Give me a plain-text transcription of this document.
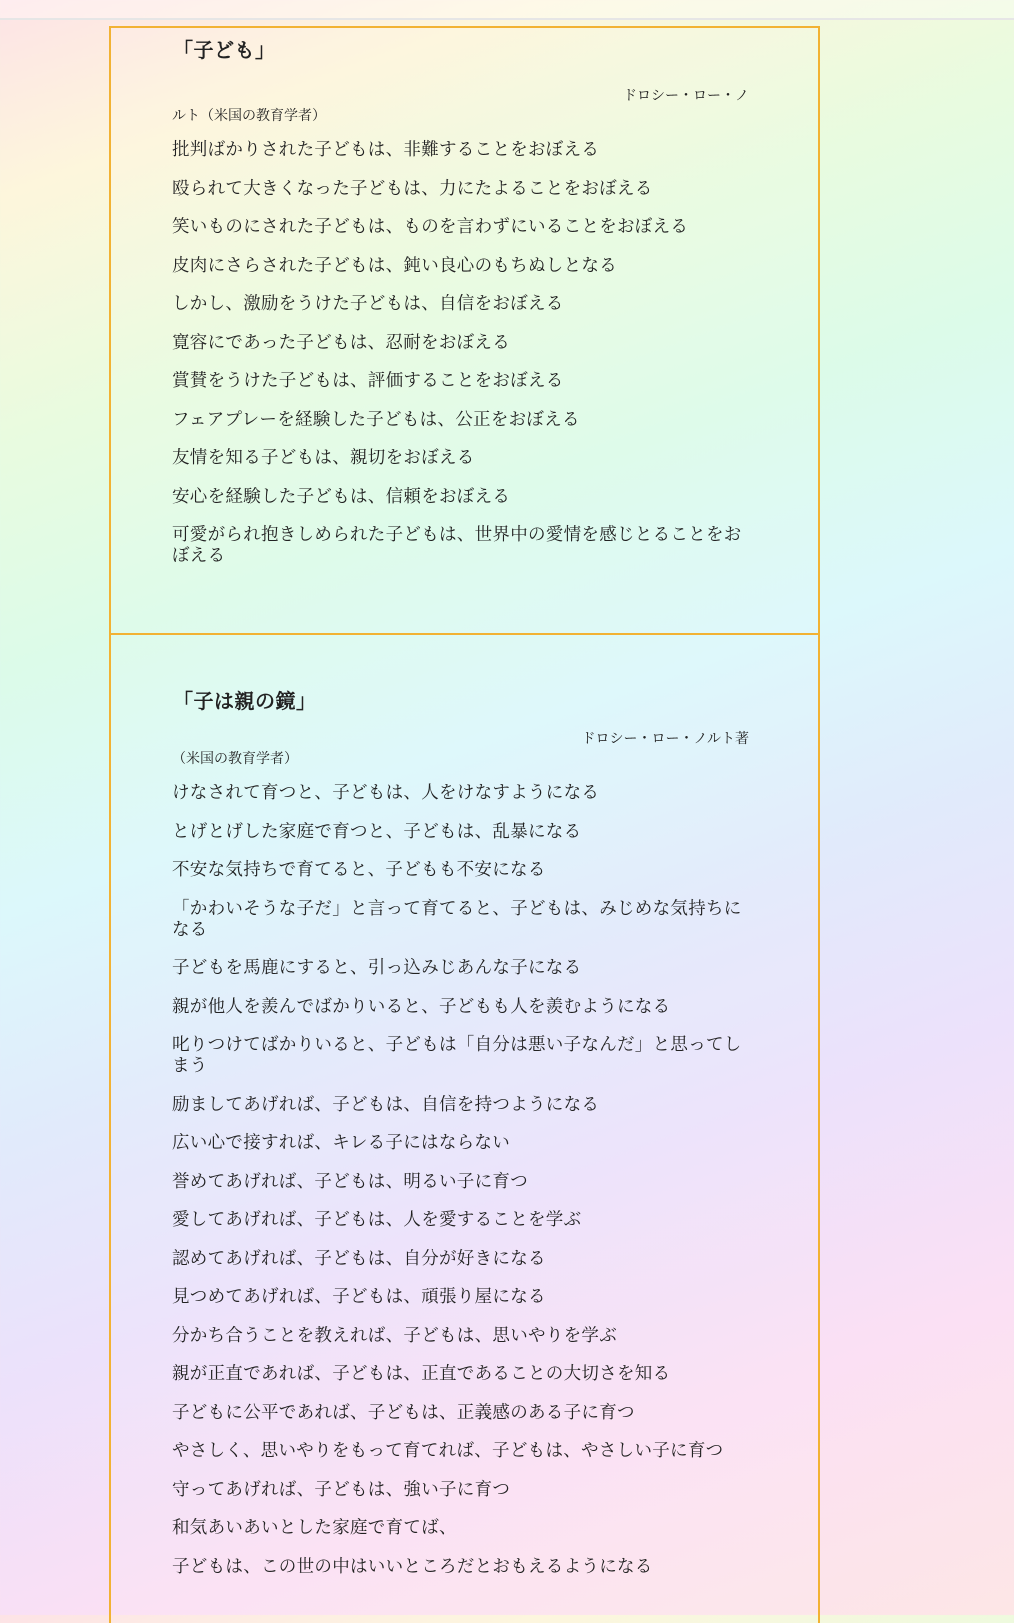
「子ども」

ドロシー・ロー・ノ

ルト（米国の教育学者）

批判ばかりされた子どもは、非難することをおぼえる
殴られて大きくなった子どもは、力にたよることをおぼえる
笑いものにされた子どもは、ものを言わずにいることをおぼえる
皮肉にさらされた子どもは、鈍い良心のもちぬしとなる
しかし、激励をうけた子どもは、自信をおぼえる
寛容にであった子どもは、忍耐をおぼえる
賞賛をうけた子どもは、評価することをおぼえる
フェアプレーを経験した子どもは、公正をおぼえる
友情を知る子どもは、親切をおぼえる
安心を経験した子どもは、信頼をおぼえる
可愛がられ抱きしめられた子どもは、世界中の愛情を感じとることをおぼえる
「子は親の鏡」

ドロシー・ロー・ノルト著

（米国の教育学者）

けなされて育つと、子どもは、人をけなすようになる
とげとげした家庭で育つと、子どもは、乱暴になる
不安な気持ちで育てると、子どもも不安になる
「かわいそうな子だ」と言って育てると、子どもは、みじめな気持ちになる
子どもを馬鹿にすると、引っ込みじあんな子になる
親が他人を羨んでばかりいると、子どもも人を羨むようになる
叱りつけてばかりいると、子どもは「自分は悪い子なんだ」と思ってしまう
励ましてあげれば、子どもは、自信を持つようになる
広い心で接すれば、キレる子にはならない
誉めてあげれば、子どもは、明るい子に育つ
愛してあげれば、子どもは、人を愛することを学ぶ
認めてあげれば、子どもは、自分が好きになる
見つめてあげれば、子どもは、頑張り屋になる
分かち合うことを教えれば、子どもは、思いやりを学ぶ
親が正直であれば、子どもは、正直であることの大切さを知る
子どもに公平であれば、子どもは、正義感のある子に育つ
やさしく、思いやりをもって育てれば、子どもは、やさしい子に育つ
守ってあげれば、子どもは、強い子に育つ
和気あいあいとした家庭で育てば、
子どもは、この世の中はいいところだとおもえるようになる
